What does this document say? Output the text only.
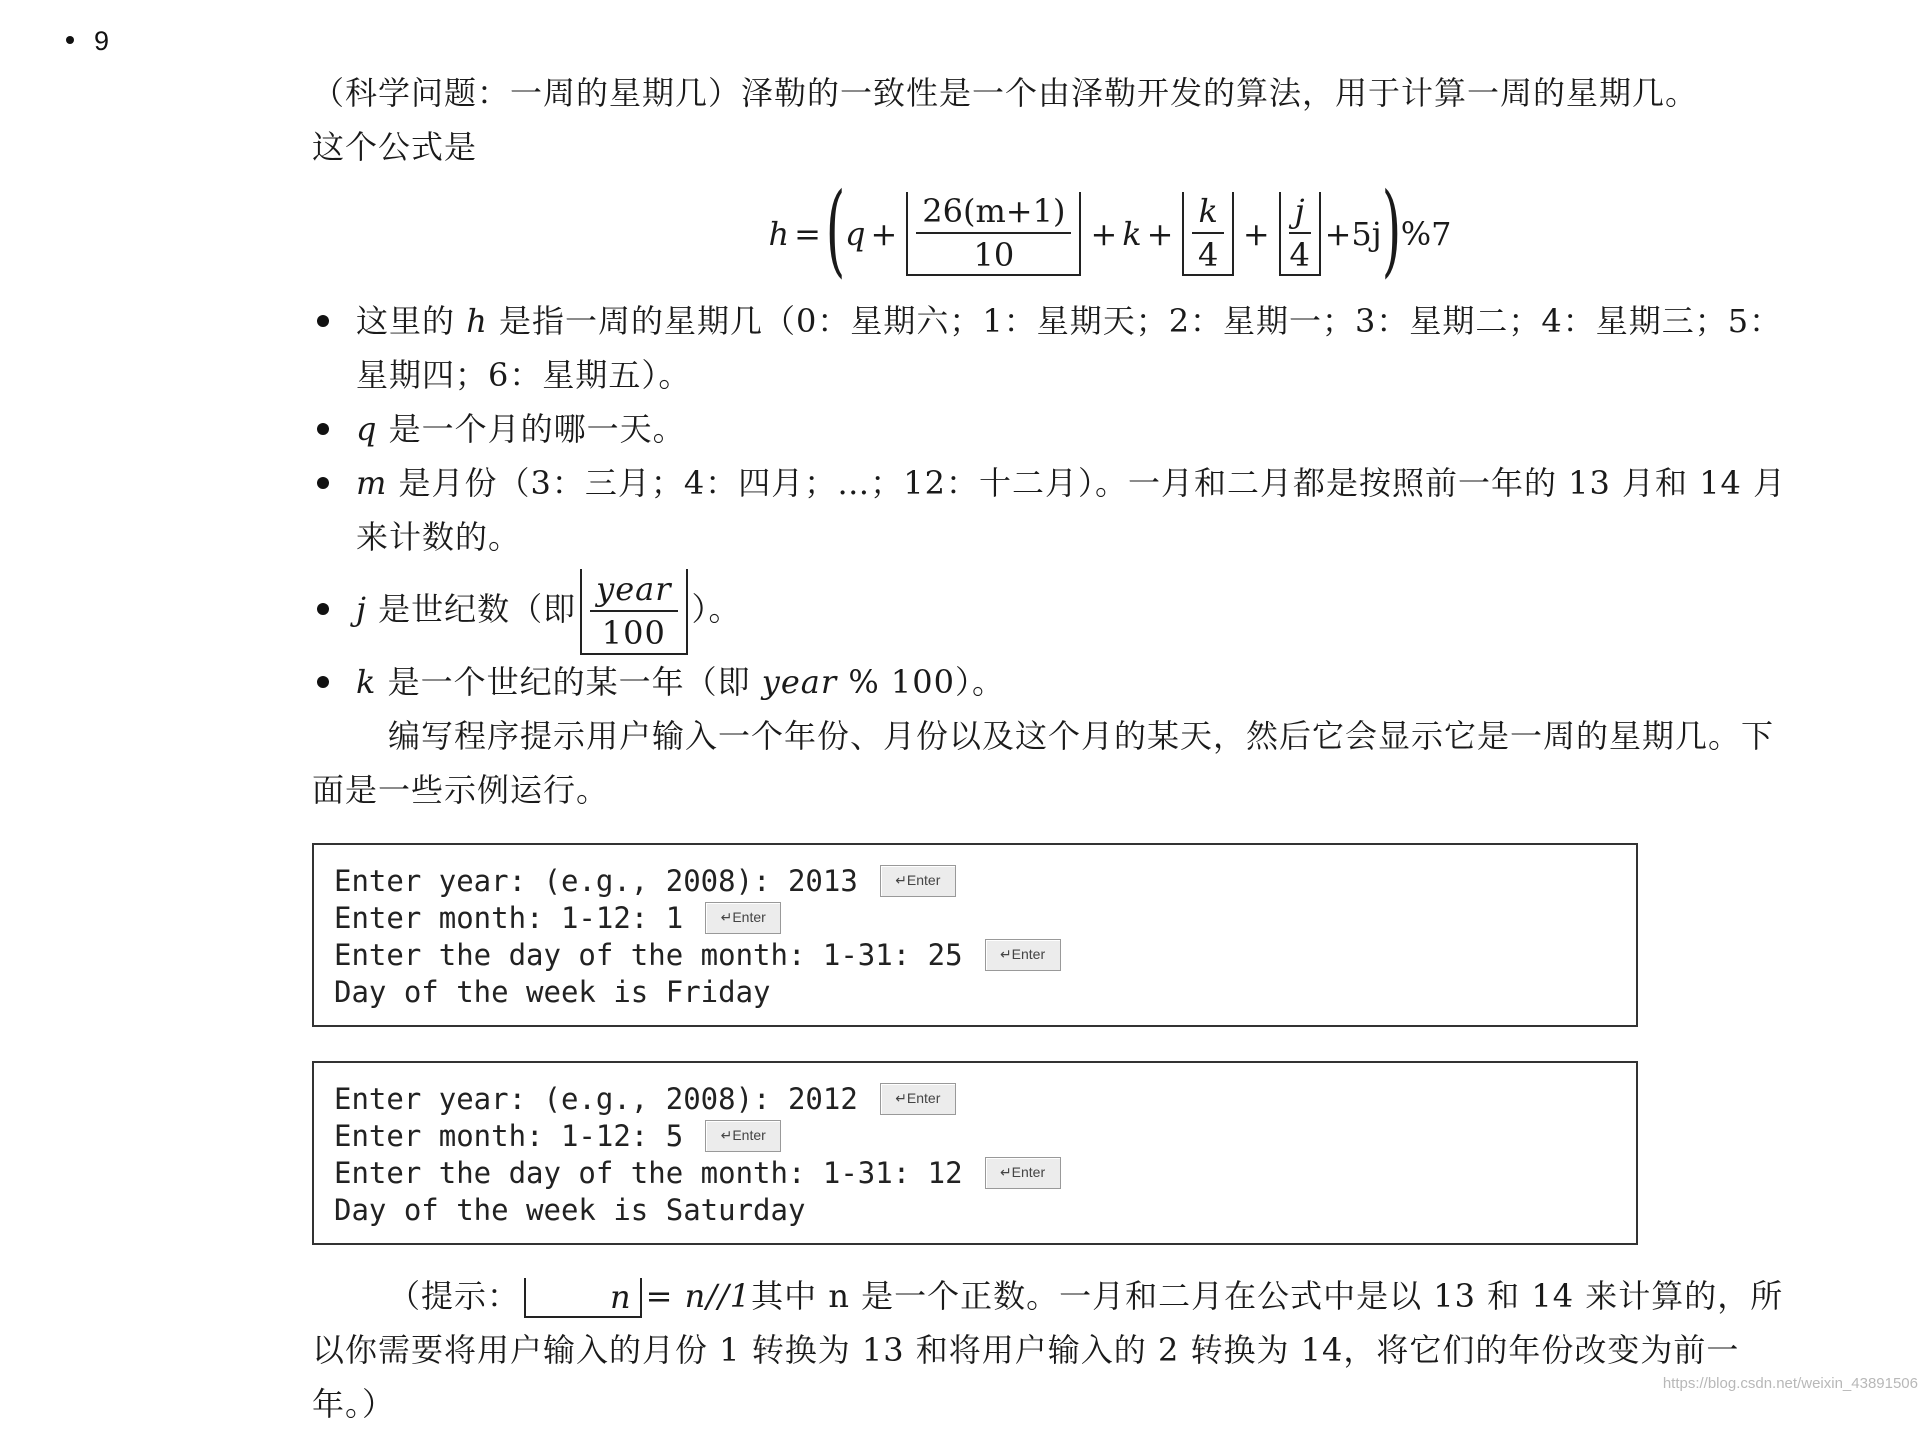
9

（科学问题：一周的星期几）泽勒的一致性是一个由泽勒开发的算法，用于计算一周的星期几。

这个公式是

h = ( $q + \frac{26(m+1)}{10} + k + \frac{k}{4} + \frac{j}{4} +5j$ ) %7
这里的 h 是指一周的星期几（0：星期六；1：星期天；2：星期一；3：星期二；4：星期三；5：星期四；6：星期五）。
q 是一个月的哪一天。
m 是月份（3：三月；4：四月；…；12：十二月）。一月和二月都是按照前一年的 13 月和 14 月来计数的。
j 是世纪数（即 $\frac{\text{year}}{100}$ ）。
k 是一个世纪的某一年（即 year % 100）。

编写程序提示用户输入一个年份、月份以及这个月的某天，然后它会显示它是一周的星期几。下面是一些示例运行。

Enter year: (e.g., 2008): 2013	↵Enter
Enter month: 1-12: 1	↵Enter
Enter the day of the month: 1-31: 25	↵Enter
Day of the week is Friday
Enter year: (e.g., 2008): 2012	↵Enter
Enter month: 1-12: 5	↵Enter
Enter the day of the month: 1-31: 12	↵Enter
Day of the week is Saturday

（提示：	n = n//1其中 n 是一个正数。一月和二月在公式中是以 13 和 14 来计算的，所以你需要将用户输入的月份 1 转换为 13 和将用户输入的 2 转换为 14，将它们的年份改变为前一年。）

https://blog.csdn.net/weixin_43891506
